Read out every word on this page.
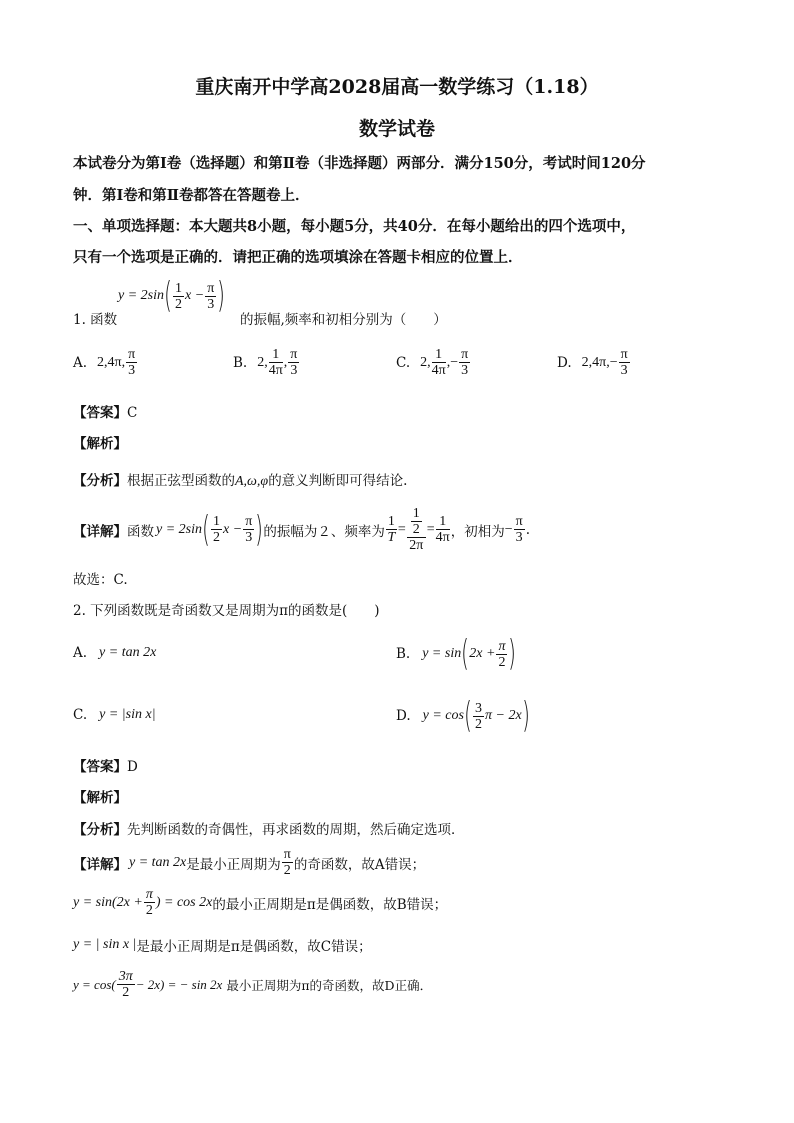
重庆南开中学高2028届高一数学练习（1.18）
数学试卷
本试卷分为第Ⅰ卷（选择题）和第Ⅱ卷（非选择题）两部分．满分150分，考试时间120分
钟．第Ⅰ卷和第Ⅱ卷都答在答题卷上．
一、单项选择题：本大题共8小题，每小题5分，共40分．在每小题给出的四个选项中，
只有一个选项是正确的．请把正确的选项填涂在答题卡相应的位置上．
y = 2sin ( $\frac{1}{2}$ $x - \frac{\pi}{3}$ )
1. 函数	的振幅,频率和初相分别为（　　）
A. 2,4π, $\frac{\pi}{3}$	B. 2, $\frac{1}{4\pi}$ , $\frac{\pi}{3}$	C. 2, $\frac{1}{4\pi}$ , − $\frac{\pi}{3}$	D. $2,4\pi,- \frac{\pi}{3}$
【答案】C
【解析】
【分析】根据正弦型函数的A,ω,φ的意义判断即可得结论.
【详解】 函数 y = 2sin ( $\frac{1}{2}$ $x - \frac{\pi}{3}$ ) 的振幅为２、频率为 $\frac{1}{T} = \frac{\frac{1}{2}}{2\pi} = \frac{1}{4\pi}$ ，初相为 − $\frac{\pi}{3}$ .
故选：C.
2. 下列函数既是奇函数又是周期为π的函数是(　　)
A. y = tan 2x	B. y = sin ( $2x + \frac{\pi}{2}$ )
C. y = |sin x|	D. y = cos ( $\frac{3}{2}$ π − 2x )
【答案】D
【解析】
【分析】先判断函数的奇偶性，再求函数的周期，然后确定选项．
【详解】 y = tan 2x 是最小正周期为 $\frac{\pi}{2}$ 的奇函数，故A错误；
$y = \sin(2x + \frac{\pi}{2}$ ) = cos 2x 的最小正周期是π是偶函数，故B错误；
y = | sin x | 是最小正周期是π是偶函数，故C错误；
$y = \cos( \frac{3\pi}{2} - 2x)$ = − sin 2x 最小正周期为π的奇函数，故D正确．
